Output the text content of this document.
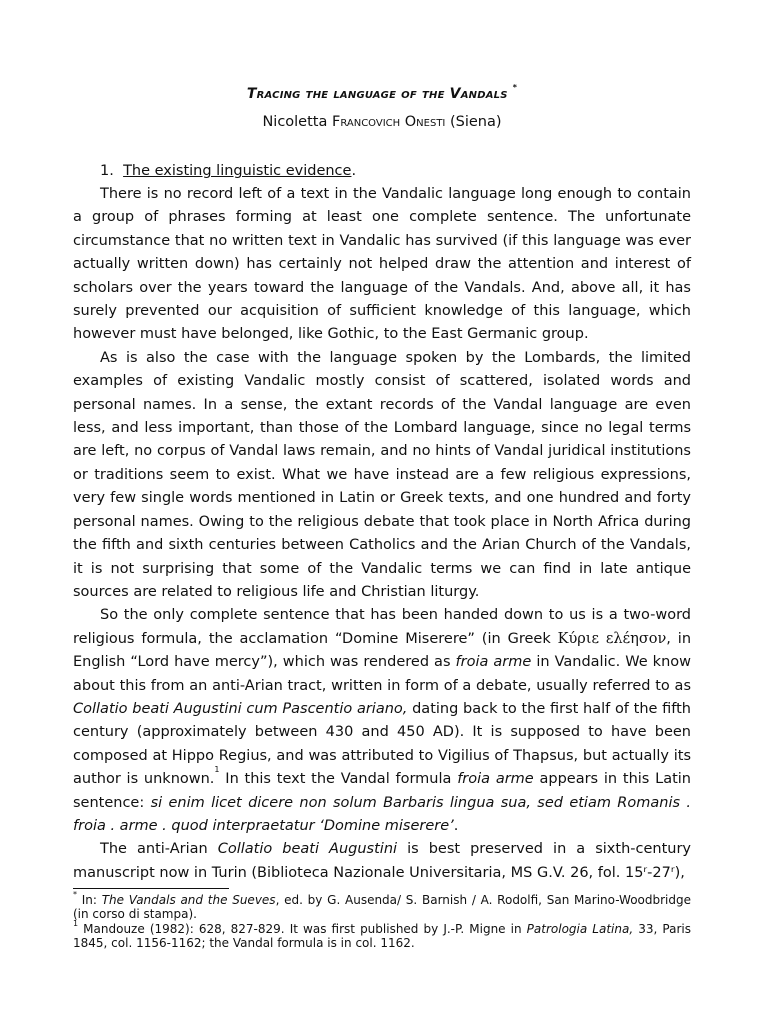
Tracing the language of the Vandals *

Nicoletta Francovich Onesti (Siena)

1. The existing linguistic evidence.

There is no record left of a text in the Vandalic language long enough to contain a group of phrases forming at least one complete sentence. The unfortunate circumstance that no written text in Vandalic has survived (if this language was ever actually written down) has certainly not helped draw the attention and interest of scholars over the years toward the language of the Vandals. And, above all, it has surely prevented our acquisition of sufficient knowledge of this language, which however must have belonged, like Gothic, to the East Germanic group.

As is also the case with the language spoken by the Lombards, the limited examples of existing Vandalic mostly consist of scattered, isolated words and personal names. In a sense, the extant records of the Vandal language are even less, and less important, than those of the Lombard language, since no legal terms are left, no corpus of Vandal laws remain, and no hints of Vandal juridical institutions or traditions seem to exist. What we have instead are a few religious expressions, very few single words mentioned in Latin or Greek texts, and one hundred and forty personal names. Owing to the religious debate that took place in North Africa during the fifth and sixth centuries between Catholics and the Arian Church of the Vandals, it is not surprising that some of the Vandalic terms we can find in late antique sources are related to religious life and Christian liturgy.

So the only complete sentence that has been handed down to us is a two-word religious formula, the acclamation “Domine Miserere” (in Greek Κύριε ελέησον, in English “Lord have mercy”), which was rendered as froia arme in Vandalic. We know about this from an anti-Arian tract, written in form of a debate, usually referred to as Collatio beati Augustini cum Pascentio ariano, dating back to the first half of the fifth century (approximately between 430 and 450 AD). It is supposed to have been composed at Hippo Regius, and was attributed to Vigilius of Thapsus, but actually its author is unknown.$^1$ In this text the Vandal formula froia arme appears in this Latin sentence: si enim licet dicere non solum Barbaris lingua sua, sed etiam Romanis . froia . arme . quod interpraetatur ‘Domine miserere’.

The anti-Arian Collatio beati Augustini is best preserved in a sixth-century manuscript now in Turin (Biblioteca Nazionale Universitaria, MS G.V. 26, fol. 15ʳ-27ʳ),

* In: The Vandals and the Sueves, ed. by G. Ausenda/ S. Barnish / A. Rodolfi, San Marino-Woodbridge (in corso di stampa).

$^1$ Mandouze (1982): 628, 827-829. It was first published by J.-P. Migne in Patrologia Latina, 33, Paris 1845, col. 1156-1162; the Vandal formula is in col. 1162.
